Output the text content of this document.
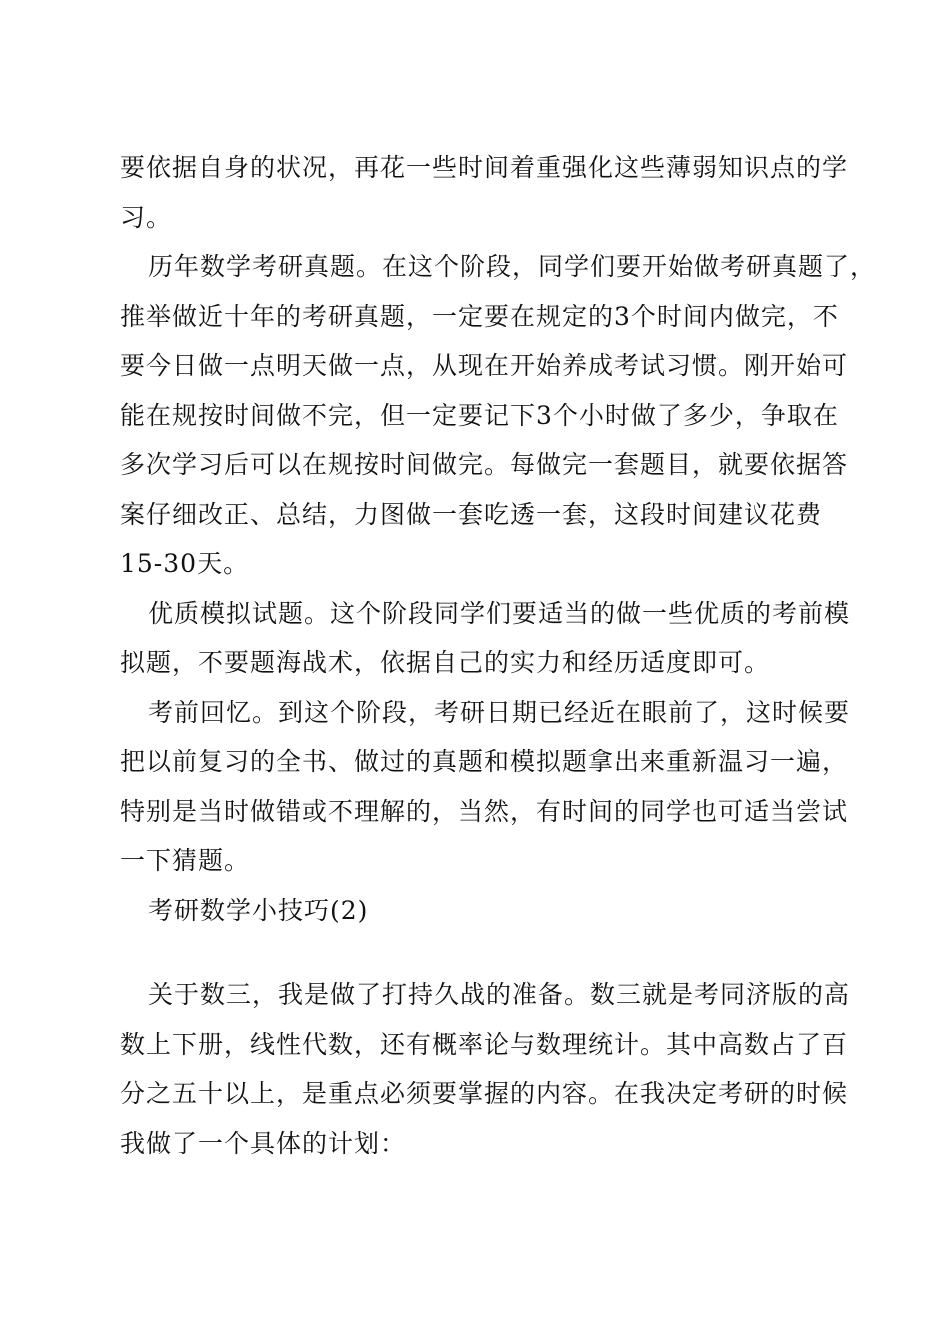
要依据自身的状况，再花一些时间着重强化这些薄弱知识点的学
习。
历年数学考研真题。在这个阶段，同学们要开始做考研真题了，
推举做近十年的考研真题，一定要在规定的3个时间内做完，不
要今日做一点明天做一点，从现在开始养成考试习惯。刚开始可
能在规按时间做不完，但一定要记下3个小时做了多少，争取在
多次学习后可以在规按时间做完。每做完一套题目，就要依据答
案仔细改正、总结，力图做一套吃透一套，这段时间建议花费
15-30天。
优质模拟试题。这个阶段同学们要适当的做一些优质的考前模
拟题，不要题海战术，依据自己的实力和经历适度即可。
考前回忆。到这个阶段，考研日期已经近在眼前了，这时候要
把以前复习的全书、做过的真题和模拟题拿出来重新温习一遍，
特别是当时做错或不理解的，当然，有时间的同学也可适当尝试
一下猜题。
考研数学小技巧(2)
关于数三，我是做了打持久战的准备。数三就是考同济版的高
数上下册，线性代数，还有概率论与数理统计。其中高数占了百
分之五十以上，是重点必须要掌握的内容。在我决定考研的时候
我做了一个具体的计划：
